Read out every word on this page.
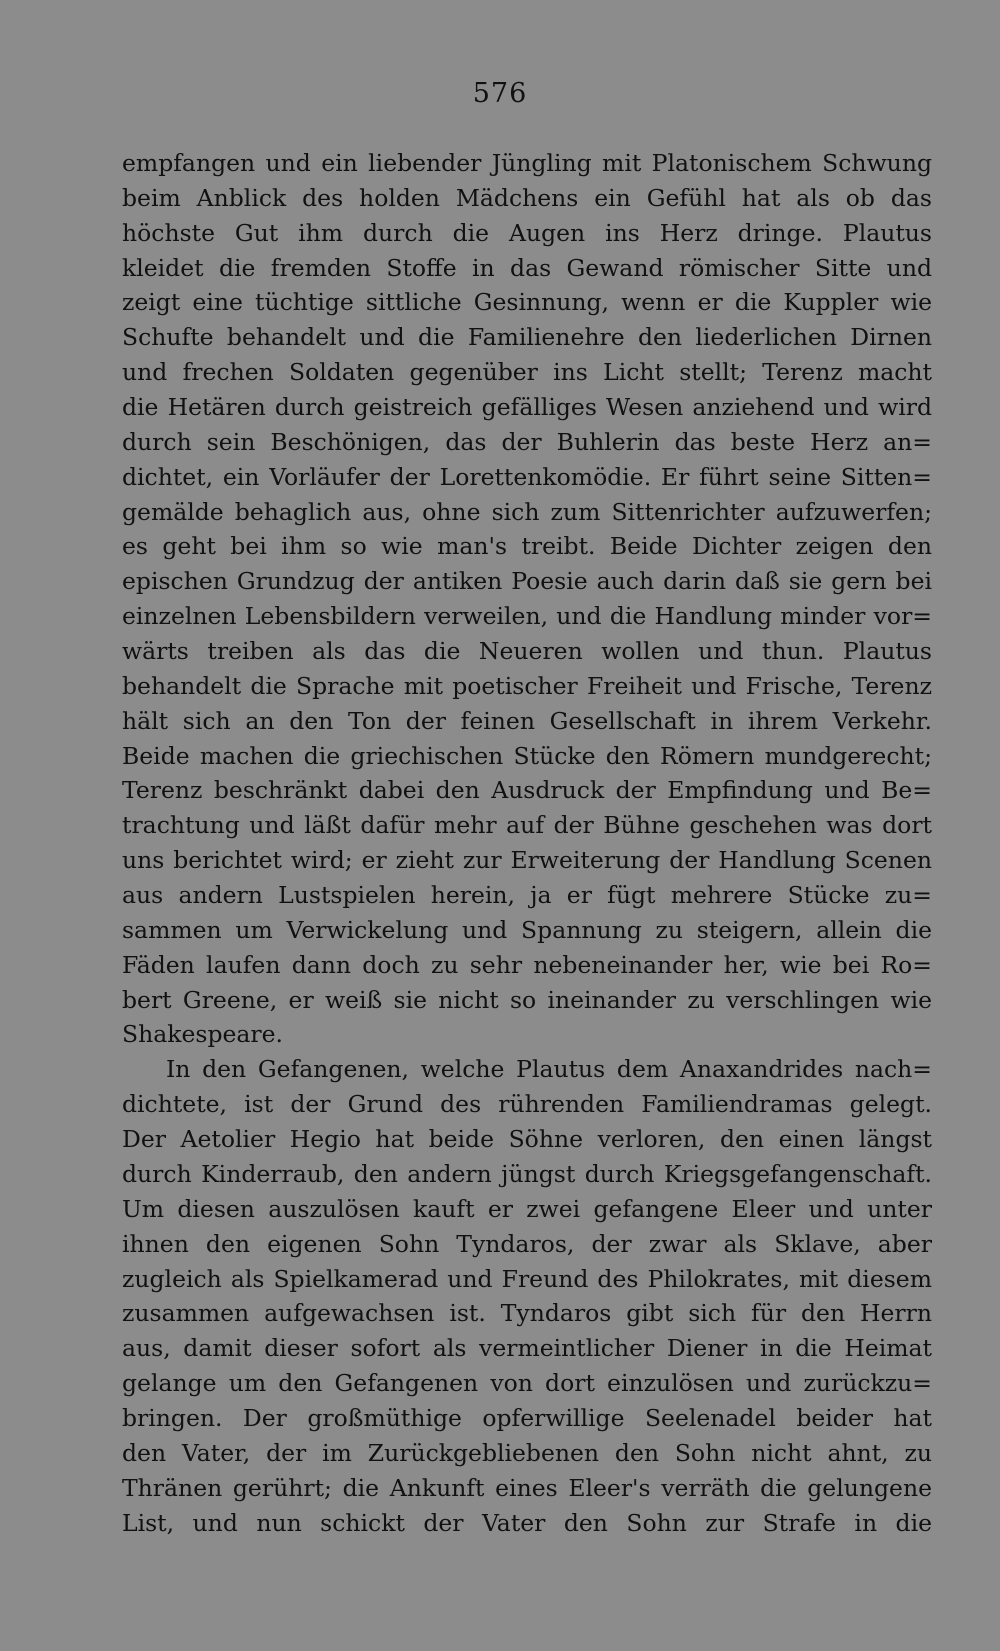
576
empfangen und ein liebender Jüngling mit Platonischem Schwung
beim Anblick des holden Mädchens ein Gefühl hat als ob das
höchste Gut ihm durch die Augen ins Herz dringe. Plautus
kleidet die fremden Stoffe in das Gewand römischer Sitte und
zeigt eine tüchtige sittliche Gesinnung, wenn er die Kuppler wie
Schufte behandelt und die Familienehre den liederlichen Dirnen
und frechen Soldaten gegenüber ins Licht stellt; Terenz macht
die Hetären durch geistreich gefälliges Wesen anziehend und wird
durch sein Beschönigen, das der Buhlerin das beste Herz an=
dichtet, ein Vorläufer der Lorettenkomödie. Er führt seine Sitten=
gemälde behaglich aus, ohne sich zum Sittenrichter aufzuwerfen;
es geht bei ihm so wie man's treibt. Beide Dichter zeigen den
epischen Grundzug der antiken Poesie auch darin daß sie gern bei
einzelnen Lebensbildern verweilen, und die Handlung minder vor=
wärts treiben als das die Neueren wollen und thun. Plautus
behandelt die Sprache mit poetischer Freiheit und Frische, Terenz
hält sich an den Ton der feinen Gesellschaft in ihrem Verkehr.
Beide machen die griechischen Stücke den Römern mundgerecht;
Terenz beschränkt dabei den Ausdruck der Empfindung und Be=
trachtung und läßt dafür mehr auf der Bühne geschehen was dort
uns berichtet wird; er zieht zur Erweiterung der Handlung Scenen
aus andern Lustspielen herein, ja er fügt mehrere Stücke zu=
sammen um Verwickelung und Spannung zu steigern, allein die
Fäden laufen dann doch zu sehr nebeneinander her, wie bei Ro=
bert Greene, er weiß sie nicht so ineinander zu verschlingen wie
Shakespeare.
In den Gefangenen, welche Plautus dem Anaxandrides nach=
dichtete, ist der Grund des rührenden Familiendramas gelegt.
Der Aetolier Hegio hat beide Söhne verloren, den einen längst
durch Kinderraub, den andern jüngst durch Kriegsgefangenschaft.
Um diesen auszulösen kauft er zwei gefangene Eleer und unter
ihnen den eigenen Sohn Tyndaros, der zwar als Sklave, aber
zugleich als Spielkamerad und Freund des Philokrates, mit diesem
zusammen aufgewachsen ist. Tyndaros gibt sich für den Herrn
aus, damit dieser sofort als vermeintlicher Diener in die Heimat
gelange um den Gefangenen von dort einzulösen und zurückzu=
bringen. Der großmüthige opferwillige Seelenadel beider hat
den Vater, der im Zurückgebliebenen den Sohn nicht ahnt, zu
Thränen gerührt; die Ankunft eines Eleer's verräth die gelungene
List, und nun schickt der Vater den Sohn zur Strafe in die
